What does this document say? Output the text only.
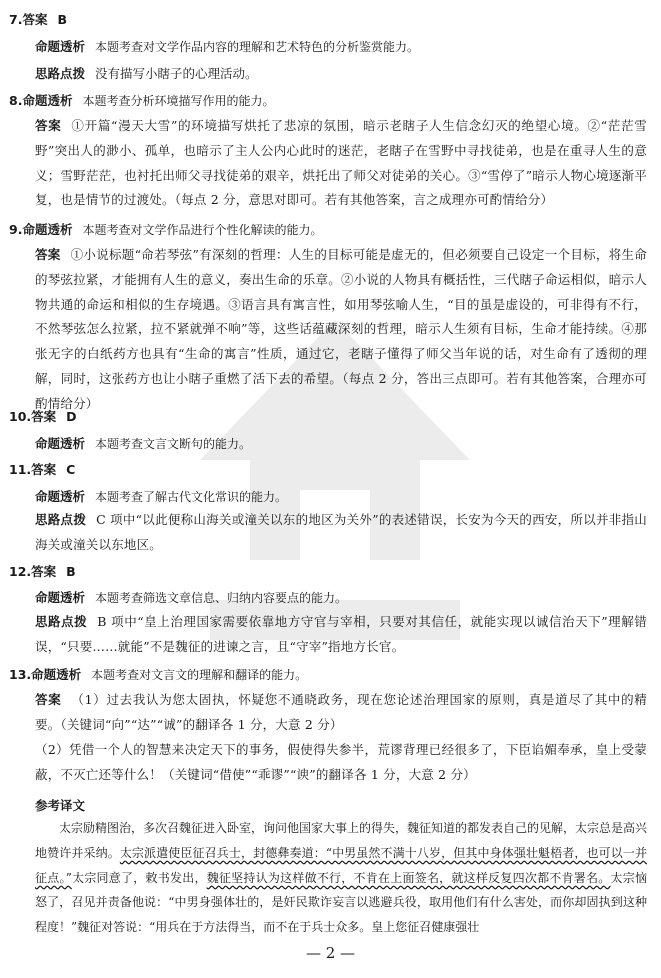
7.答案 B
命题透析 本题考查对文学作品内容的理解和艺术特色的分析鉴赏能力。
思路点拨 没有描写小瞎子的心理活动。
8.命题透析 本题考查分析环境描写作用的能力。
答案 ①开篇“漫天大雪”的环境描写烘托了悲凉的氛围，暗示老瞎子人生信念幻灭的绝望心境。②“茫茫雪野”突出人的渺小、孤单，也暗示了主人公内心此时的迷茫，老瞎子在雪野中寻找徒弟，也是在重寻人生的意义；雪野茫茫，也衬托出师父寻找徒弟的艰辛，烘托出了师父对徒弟的关心。③“雪停了”暗示人物心境逐渐平复，也是情节的过渡处。（每点 2 分，意思对即可。若有其他答案，言之成理亦可酌情给分）
9.命题透析 本题考查对文学作品进行个性化解读的能力。
答案 ①小说标题“命若琴弦”有深刻的哲理：人生的目标可能是虚无的，但必须要自己设定一个目标，将生命的琴弦拉紧，才能拥有人生的意义，奏出生命的乐章。②小说的人物具有概括性，三代瞎子命运相似，暗示人物共通的命运和相似的生存境遇。③语言具有寓言性，如用琴弦喻人生，“目的虽是虚设的，可非得有不行，不然琴弦怎么拉紧，拉不紧就弹不响”等，这些话蕴藏深刻的哲理，暗示人生须有目标，生命才能持续。④那张无字的白纸药方也具有“生命的寓言”性质，通过它，老瞎子懂得了师父当年说的话，对生命有了透彻的理解，同时，这张药方也让小瞎子重燃了活下去的希望。（每点 2 分，答出三点即可。若有其他答案，合理亦可酌情给分）
10.答案 D
命题透析 本题考查文言文断句的能力。
11.答案 C
命题透析 本题考查了解古代文化常识的能力。
思路点拨 C 项中“以此便称山海关或潼关以东的地区为关外”的表述错误，长安为今天的西安，所以并非指山海关或潼关以东地区。
12.答案 B
命题透析 本题考查筛选文章信息、归纳内容要点的能力。
思路点拨 B 项中“皇上治理国家需要依靠地方守官与宰相，只要对其信任，就能实现以诚信治天下”理解错误，“只要……就能”不是魏征的进谏之言，且“守宰”指地方长官。
13.命题透析 本题考查对文言文的理解和翻译的能力。
答案 （1）过去我认为您太固执，怀疑您不通晓政务，现在您论述治理国家的原则，真是道尽了其中的精要。（关键词“向”“达”“诚”的翻译各 1 分，大意 2 分）
（2）凭借一个人的智慧来决定天下的事务，假使得失参半，荒谬背理已经很多了，下臣谄媚奉承，皇上受蒙蔽，不灭亡还等什么！（关键词“借使”“乖谬”“谀”的翻译各 1 分，大意 2 分）
参考译文
太宗励精图治，多次召魏征进入卧室，询问他国家大事上的得失，魏征知道的都发表自己的见解，太宗总是高兴地赞许并采纳。太宗派遣使臣征召兵士，封德彝奏道：“中男虽然不满十八岁，但其中身体强壮魁梧者，也可以一并征点。”太宗同意了，敕书发出，魏征坚持认为这样做不行，不肯在上面签名，就这样反复四次都不肯署名。太宗恼怒了，召见并责备他说：“中男身强体壮的，是奸民欺诈妄言以逃避兵役，取用他们有什么害处，而你却固执到这种程度！”魏征对答说：“用兵在于方法得当，而不在于兵士众多。皇上您征召健康强壮
— 2 —
